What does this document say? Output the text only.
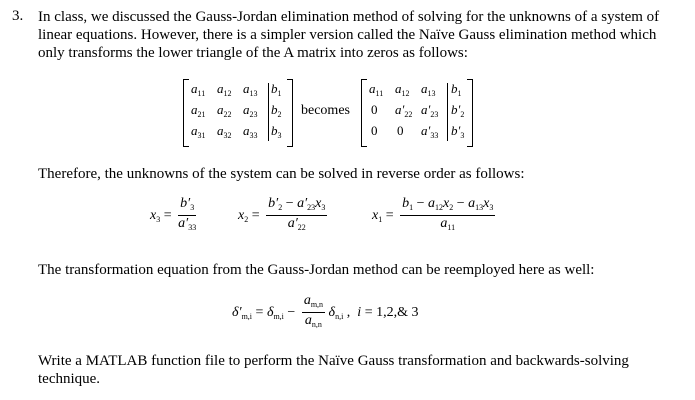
3. In class, we discussed the Gauss-Jordan elimination method of solving for the unknowns of a system of linear equations. However, there is a simpler version called the Naïve Gauss elimination method which only transforms the lower triangle of the A matrix into zeros as follows:
$a_{11}$ $a_{12}$ $a_{13}$ $b_1$
$a_{21}$ $a_{22}$ $a_{23}$ $b_2$
$a_{31}$ $a_{32}$ $a_{33}$ $b_3$
becomes
$a_{11}$ $a_{12}$ $a_{13}$ $b_1$
0 $a'_{22}$ $a'_{23}$ $b'_2$
0 0 $a'_{33}$ $b'_3$
Therefore, the unknowns of the system can be solved in reverse order as follows:
$x_3 = \frac{b'_3}{a'_{33}}$	$x_2 = \frac{b'_2 - a'_{23}x_3}{a'_{22}}$	$x_1 = \frac{b_1 - a_{12}x_2 - a_{13}x_3}{a_{11}}$
The transformation equation from the Gauss-Jordan method can be reemployed here as well:
$\delta'_{m,i} = \delta_{m,i} - \frac{a_{m,n}}{a_{n,n}} \delta_{n,i}$ ,  i = 1,2,& 3
Write a MATLAB function file to perform the Naïve Gauss transformation and backwards-solving technique.
